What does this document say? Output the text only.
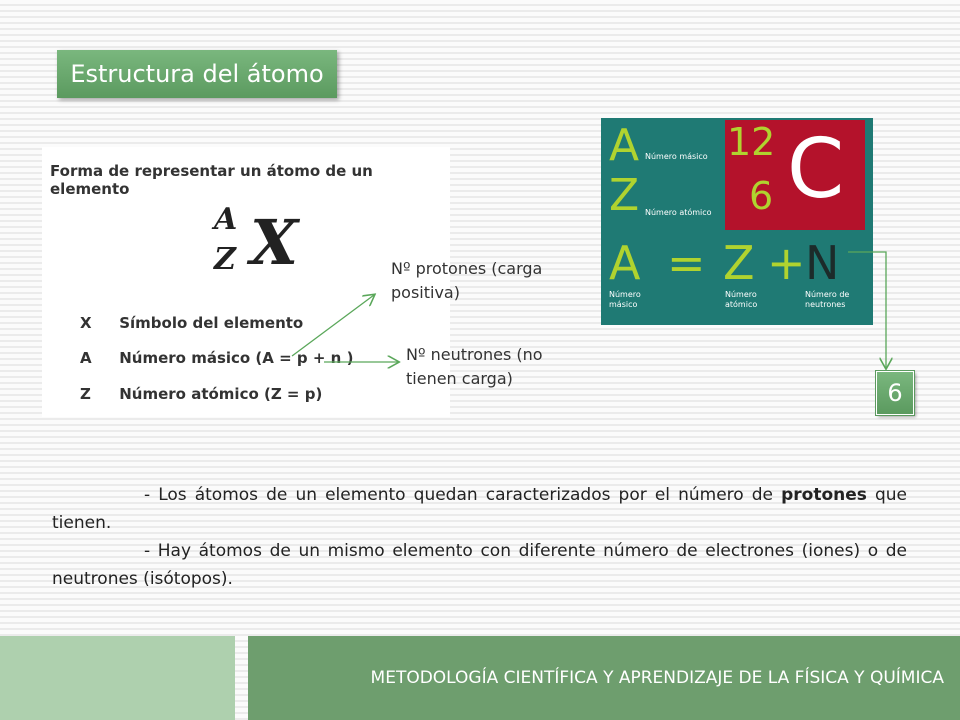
Estructura del átomo
Forma de representar un átomo de un elemento
A
Z X
X Símbolo del elemento
A Número másico (A = p + n )
Z Número atómico (Z = p)
Nº protones (carga positiva)
Nº neutrones (no tienen carga)
A Número másico
Z Número atómico
12
6 C
A = Z + N
Número másico
Número atómico
Número de neutrones
6

- Los átomos de un elemento quedan caracterizados por el número de protones que tienen.

- Hay átomos de un mismo elemento con diferente número de electrones (iones) o de neutrones (isótopos).

METODOLOGÍA CIENTÍFICA Y APRENDIZAJE DE LA FÍSICA Y QUÍMICA
